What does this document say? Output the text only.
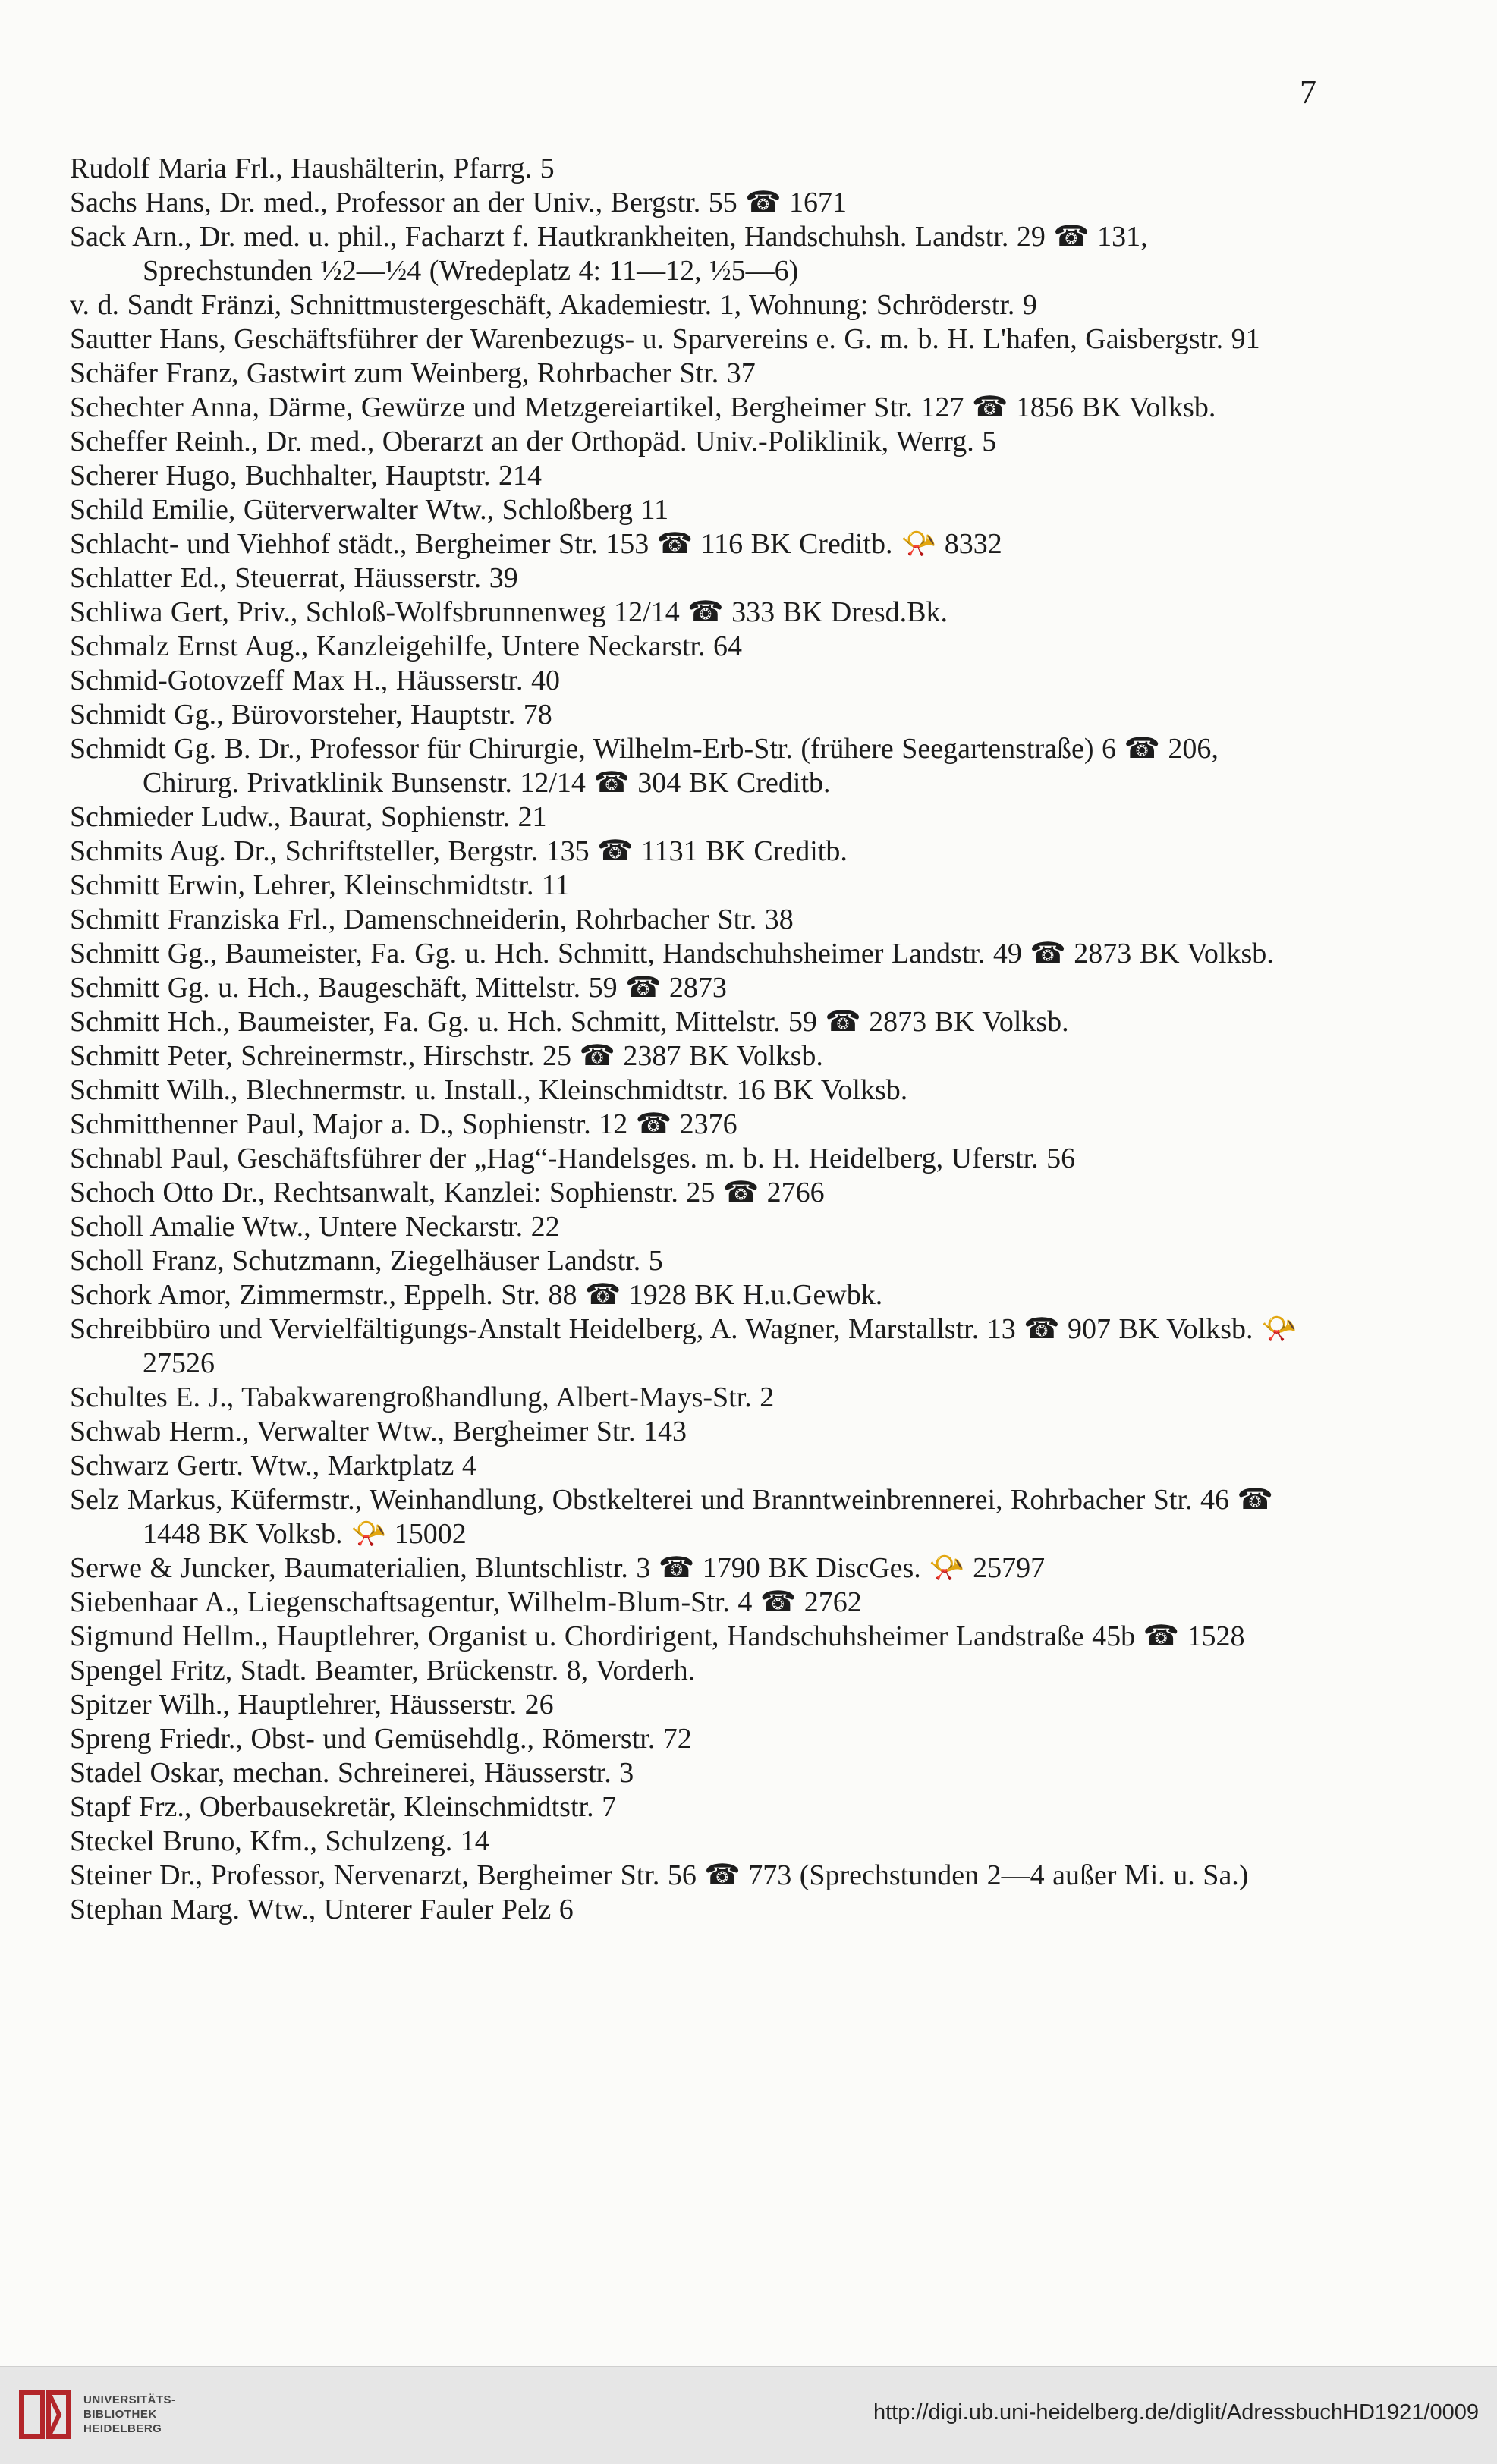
7
Rudolf Maria Frl., Haushälterin, Pfarrg. 5
Sachs Hans, Dr. med., Professor an der Univ., Bergstr. 55 ☎ 1671
Sack Arn., Dr. med. u. phil., Facharzt f. Hautkrankheiten, Handschuhsh. Landstr. 29 ☎ 131, Sprechstunden ½2—½4 (Wredeplatz 4: 11—12, ½5—6)
v. d. Sandt Fränzi, Schnittmustergeschäft, Akademiestr. 1, Wohnung: Schröderstr. 9
Sautter Hans, Geschäftsführer der Warenbezugs- u. Sparvereins e. G. m. b. H. L'hafen, Gaisbergstr. 91
Schäfer Franz, Gastwirt zum Weinberg, Rohrbacher Str. 37
Schechter Anna, Därme, Gewürze und Metzgereiartikel, Bergheimer Str. 127 ☎ 1856 BK Volksb.
Scheffer Reinh., Dr. med., Oberarzt an der Orthopäd. Univ.-Poliklinik, Werrg. 5
Scherer Hugo, Buchhalter, Hauptstr. 214
Schild Emilie, Güterverwalter Wtw., Schloßberg 11
Schlacht- und Viehhof städt., Bergheimer Str. 153 ☎ 116 BK Creditb. 📯 8332
Schlatter Ed., Steuerrat, Häusserstr. 39
Schliwa Gert, Priv., Schloß-Wolfsbrunnenweg 12/14 ☎ 333 BK Dresd.Bk.
Schmalz Ernst Aug., Kanzleigehilfe, Untere Neckarstr. 64
Schmid-Gotovzeff Max H., Häusserstr. 40
Schmidt Gg., Bürovorsteher, Hauptstr. 78
Schmidt Gg. B. Dr., Professor für Chirurgie, Wilhelm-Erb-Str. (frühere Seegartenstraße) 6 ☎ 206, Chirurg. Privatklinik Bunsenstr. 12/14 ☎ 304 BK Creditb.
Schmieder Ludw., Baurat, Sophienstr. 21
Schmits Aug. Dr., Schriftsteller, Bergstr. 135 ☎ 1131 BK Creditb.
Schmitt Erwin, Lehrer, Kleinschmidtstr. 11
Schmitt Franziska Frl., Damenschneiderin, Rohrbacher Str. 38
Schmitt Gg., Baumeister, Fa. Gg. u. Hch. Schmitt, Handschuhsheimer Landstr. 49 ☎ 2873 BK Volksb.
Schmitt Gg. u. Hch., Baugeschäft, Mittelstr. 59 ☎ 2873
Schmitt Hch., Baumeister, Fa. Gg. u. Hch. Schmitt, Mittelstr. 59 ☎ 2873 BK Volksb.
Schmitt Peter, Schreinermstr., Hirschstr. 25 ☎ 2387 BK Volksb.
Schmitt Wilh., Blechnermstr. u. Install., Kleinschmidtstr. 16 BK Volksb.
Schmitthenner Paul, Major a. D., Sophienstr. 12 ☎ 2376
Schnabl Paul, Geschäftsführer der „Hag“-Handelsges. m. b. H. Heidelberg, Uferstr. 56
Schoch Otto Dr., Rechtsanwalt, Kanzlei: Sophienstr. 25 ☎ 2766
Scholl Amalie Wtw., Untere Neckarstr. 22
Scholl Franz, Schutzmann, Ziegelhäuser Landstr. 5
Schork Amor, Zimmermstr., Eppelh. Str. 88 ☎ 1928 BK H.u.Gewbk.
Schreibbüro und Vervielfältigungs-Anstalt Heidelberg, A. Wagner, Marstallstr. 13 ☎ 907 BK Volksb. 📯 27526
Schultes E. J., Tabakwarengroßhandlung, Albert-Mays-Str. 2
Schwab Herm., Verwalter Wtw., Bergheimer Str. 143
Schwarz Gertr. Wtw., Marktplatz 4
Selz Markus, Küfermstr., Weinhandlung, Obstkelterei und Branntweinbrennerei, Rohrbacher Str. 46 ☎ 1448 BK Volksb. 📯 15002
Serwe & Juncker, Baumaterialien, Bluntschlistr. 3 ☎ 1790 BK DiscGes. 📯 25797
Siebenhaar A., Liegenschaftsagentur, Wilhelm-Blum-Str. 4 ☎ 2762
Sigmund Hellm., Hauptlehrer, Organist u. Chordirigent, Handschuhsheimer Landstraße 45b ☎ 1528
Spengel Fritz, Stadt. Beamter, Brückenstr. 8, Vorderh.
Spitzer Wilh., Hauptlehrer, Häusserstr. 26
Spreng Friedr., Obst- und Gemüsehdlg., Römerstr. 72
Stadel Oskar, mechan. Schreinerei, Häusserstr. 3
Stapf Frz., Oberbausekretär, Kleinschmidtstr. 7
Steckel Bruno, Kfm., Schulzeng. 14
Steiner Dr., Professor, Nervenarzt, Bergheimer Str. 56 ☎ 773 (Sprechstunden 2—4 außer Mi. u. Sa.)
Stephan Marg. Wtw., Unterer Fauler Pelz 6
UNIVERSITÄTS-
BIBLIOTHEK
HEIDELBERG
http://digi.ub.uni-heidelberg.de/diglit/AdressbuchHD1921/0009
